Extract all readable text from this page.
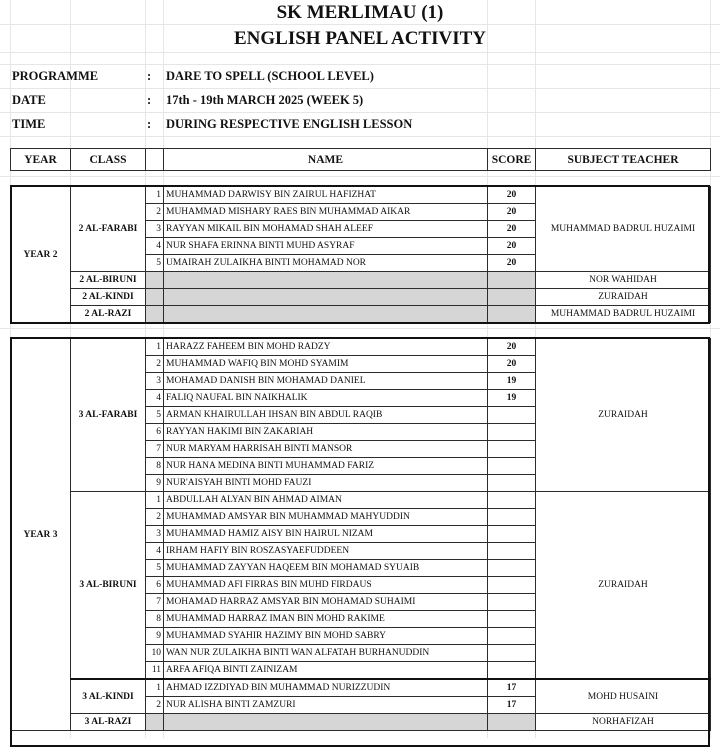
SK MERLIMAU (1)
ENGLISH PANEL ACTIVITY
PROGRAMME	: DARE TO SPELL (SCHOOL LEVEL)
DATE	: 17th - 19th MARCH 2025 (WEEK 5)
TIME	: DURING RESPECTIVE ENGLISH LESSON
YEAR	CLASS		NAME	SCORE	SUBJECT TEACHER
YEAR 2	2 AL-FARABI	1	MUHAMMAD DARWISY BIN ZAIRUL HAFIZHAT	20	MUHAMMAD BADRUL HUZAIMI
		2	MUHAMMAD MISHARY RAES BIN MUHAMMAD AIKAR	20	
		3	RAYYAN MIKAIL BIN MOHAMAD SHAH ALEEF	20	
		4	NUR SHAFA ERINNA BINTI MUHD ASYRAF	20	
		5	UMAIRAH ZULAIKHA BINTI MOHAMAD NOR	20	
	2 AL-BIRUNI				NOR WAHIDAH
	2 AL-KINDI				ZURAIDAH
	2 AL-RAZI				MUHAMMAD BADRUL HUZAIMI
YEAR 3	3 AL-FARABI	1	HARAZZ FAHEEM BIN MOHD RADZY	20	ZURAIDAH
		2	MUHAMMAD WAFIQ BIN MOHD SYAMIM	20	
		3	MOHAMAD DANISH BIN MOHAMAD DANIEL	19	
		4	FALIQ NAUFAL BIN NAIKHALIK	19	
		5	ARMAN KHAIRULLAH IHSAN BIN ABDUL RAQIB		
		6	RAYYAN HAKIMI BIN ZAKARIAH		
		7	NUR MARYAM HARRISAH BINTI MANSOR		
		8	NUR HANA MEDINA BINTI MUHAMMAD FARIZ		
		9	NUR'AISYAH BINTI MOHD FAUZI		
	3 AL-BIRUNI	1	ABDULLAH ALYAN BIN AHMAD AIMAN		ZURAIDAH
		2	MUHAMMAD AMSYAR BIN MUHAMMAD MAHYUDDIN		
		3	MUHAMMAD HAMIZ AISY BIN HAIRUL NIZAM		
		4	IRHAM HAFIY BIN ROSZASYAEFUDDEEN		
		5	MUHAMMAD ZAYYAN HAQEEM BIN MOHAMAD SYUAIB		
		6	MUHAMMAD AFI FIRRAS BIN MUHD FIRDAUS		
		7	MOHAMAD HARRAZ AMSYAR BIN MOHAMAD SUHAIMI		
		8	MUHAMMAD HARRAZ IMAN BIN MOHD RAKIME		
		9	MUHAMMAD SYAHIR HAZIMY BIN MOHD SABRY		
		10	WAN NUR ZULAIKHA BINTI WAN ALFATAH BURHANUDDIN		
		11	ARFA AFIQA BINTI ZAINIZAM		
	3 AL-KINDI	1	AHMAD IZZDIYAD BIN MUHAMMAD NURIZZUDIN	17	MOHD HUSAINI
		2	NUR ALISHA BINTI ZAMZURI	17	
	3 AL-RAZI				NORHAFIZAH
